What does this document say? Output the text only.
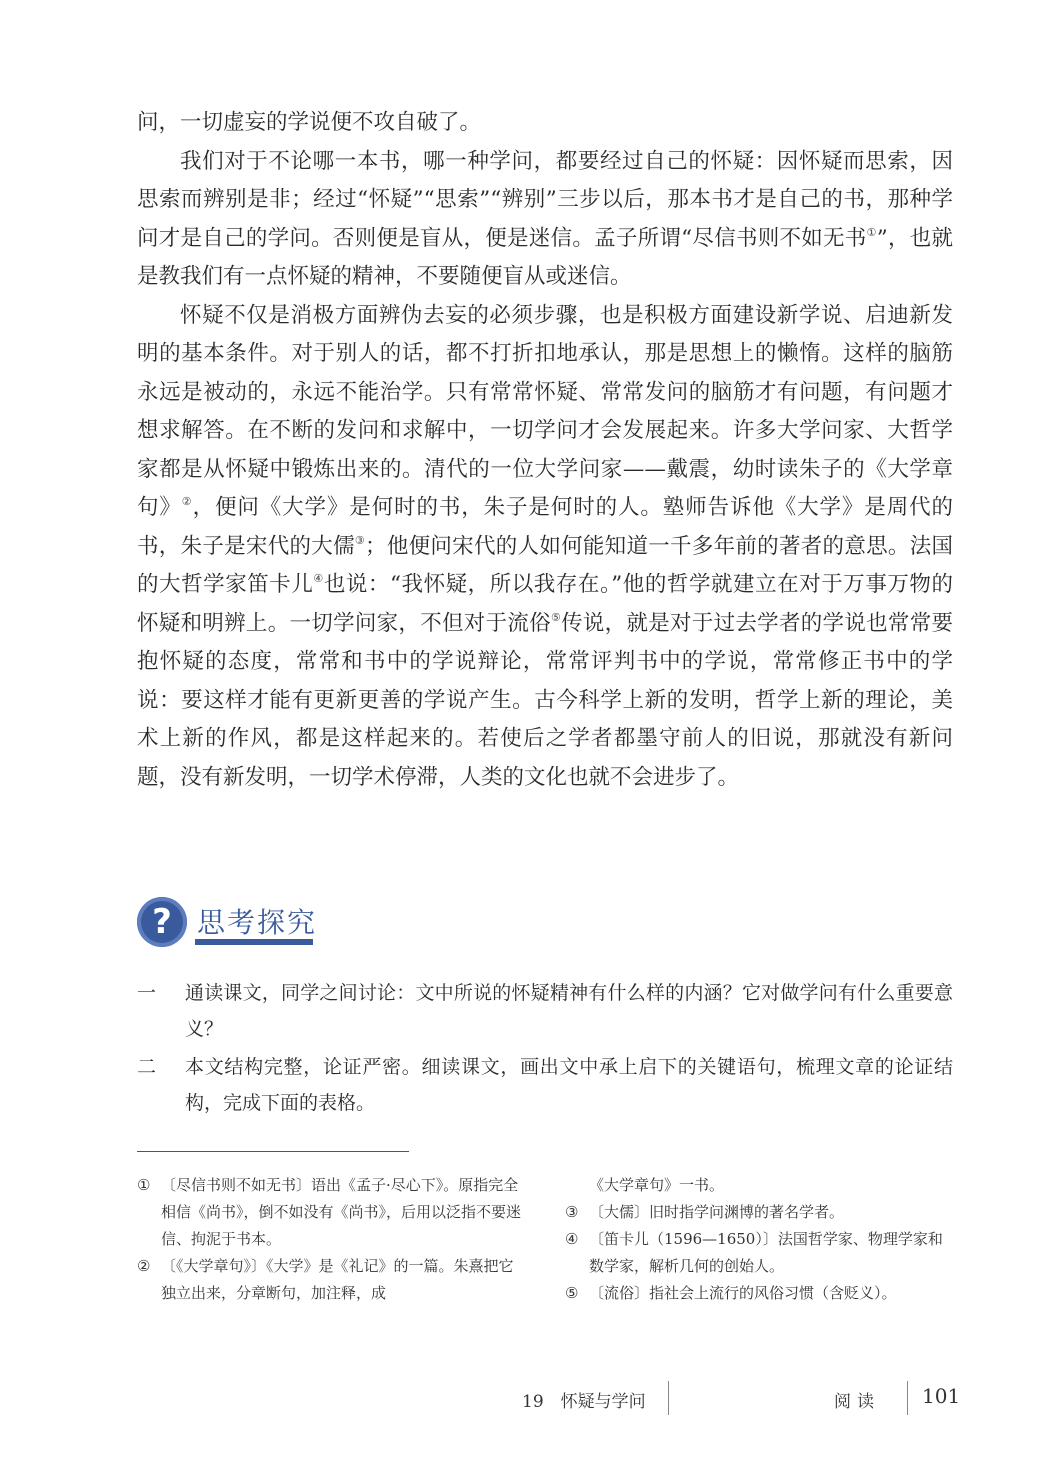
问，一切虚妄的学说便不攻自破了。

我们对于不论哪一本书，哪一种学问，都要经过自己的怀疑：因怀疑而思索，因思索而辨别是非；经过“怀疑”“思索”“辨别”三步以后，那本书才是自己的书，那种学问才是自己的学问。否则便是盲从，便是迷信。孟子所谓“尽信书则不如无书①”，也就是教我们有一点怀疑的精神，不要随便盲从或迷信。

怀疑不仅是消极方面辨伪去妄的必须步骤，也是积极方面建设新学说、启迪新发明的基本条件。对于别人的话，都不打折扣地承认，那是思想上的懒惰。这样的脑筋永远是被动的，永远不能治学。只有常常怀疑、常常发问的脑筋才有问题，有问题才想求解答。在不断的发问和求解中，一切学问才会发展起来。许多大学问家、大哲学家都是从怀疑中锻炼出来的。清代的一位大学问家——戴震，幼时读朱子的《大学章句》②，便问《大学》是何时的书，朱子是何时的人。塾师告诉他《大学》是周代的书，朱子是宋代的大儒③；他便问宋代的人如何能知道一千多年前的著者的意思。法国的大哲学家笛卡儿④也说：“我怀疑，所以我存在。”他的哲学就建立在对于万事万物的怀疑和明辨上。一切学问家，不但对于流俗⑤传说，就是对于过去学者的学说也常常要抱怀疑的态度，常常和书中的学说辩论，常常评判书中的学说，常常修正书中的学说：要这样才能有更新更善的学说产生。古今科学上新的发明，哲学上新的理论，美术上新的作风，都是这样起来的。若使后之学者都墨守前人的旧说，那就没有新问题，没有新发明，一切学术停滞，人类的文化也就不会进步了。

? 思考探究
一	通读课文，同学之间讨论：文中所说的怀疑精神有什么样的内涵？它对做学问有什么重要意义？
二	本文结构完整，论证严密。细读课文，画出文中承上启下的关键语句，梳理文章的论证结构，完成下面的表格。
① 〔尽信书则不如无书〕语出《孟子·尽心下》。原指完全相信《尚书》，倒不如没有《尚书》，后用以泛指不要迷信、拘泥于书本。
② 〔《大学章句》〕《大学》是《礼记》的一篇。朱熹把它独立出来，分章断句，加注释，成
《大学章句》一书。
③ 〔大儒〕旧时指学问渊博的著名学者。
④ 〔笛卡儿（1596—1650）〕法国哲学家、物理学家和数学家，解析几何的创始人。
⑤ 〔流俗〕指社会上流行的风俗习惯（含贬义）。
19　怀疑与学问	阅读 101
